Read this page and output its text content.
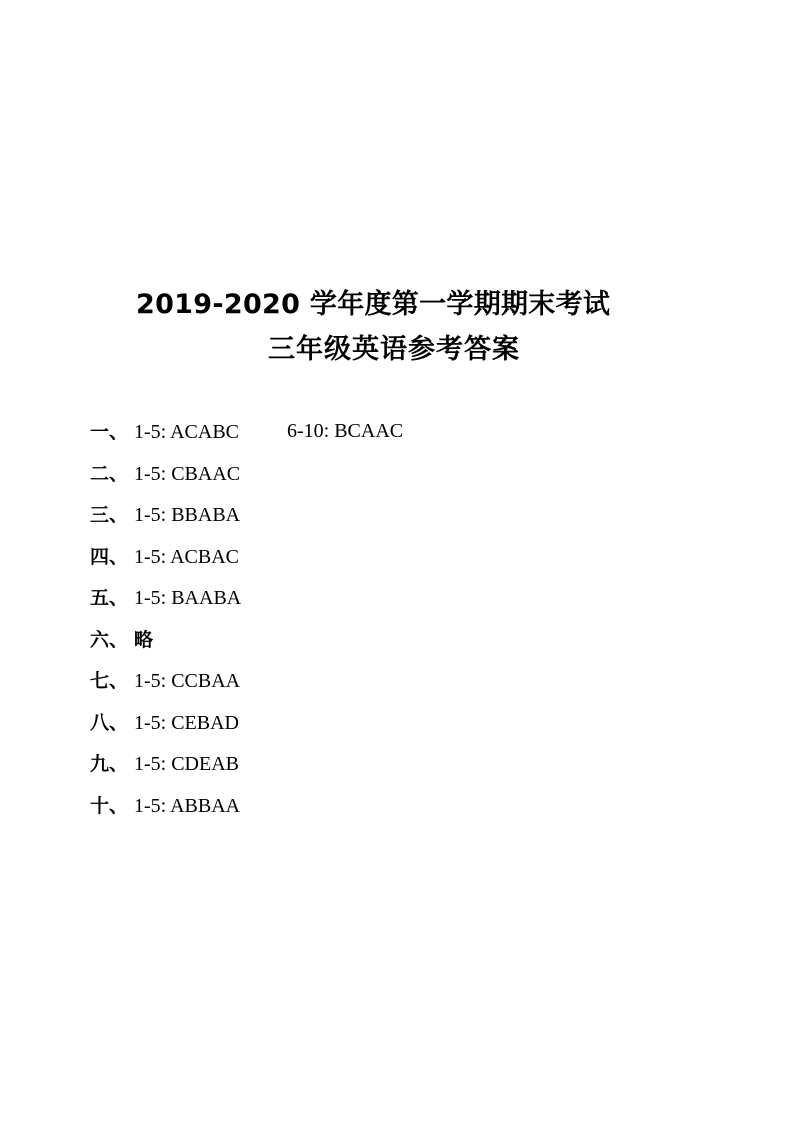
2019-2020 学年度第一学期期末考试
三年级英语参考答案
一、 1-5: ACABC 6-10: BCAAC
二、 1-5: CBAAC
三、 1-5: BBABA
四、 1-5: ACBAC
五、 1-5: BAABA
六、 略
七、 1-5: CCBAA
八、 1-5: CEBAD
九、 1-5: CDEAB
十、 1-5: ABBAA
